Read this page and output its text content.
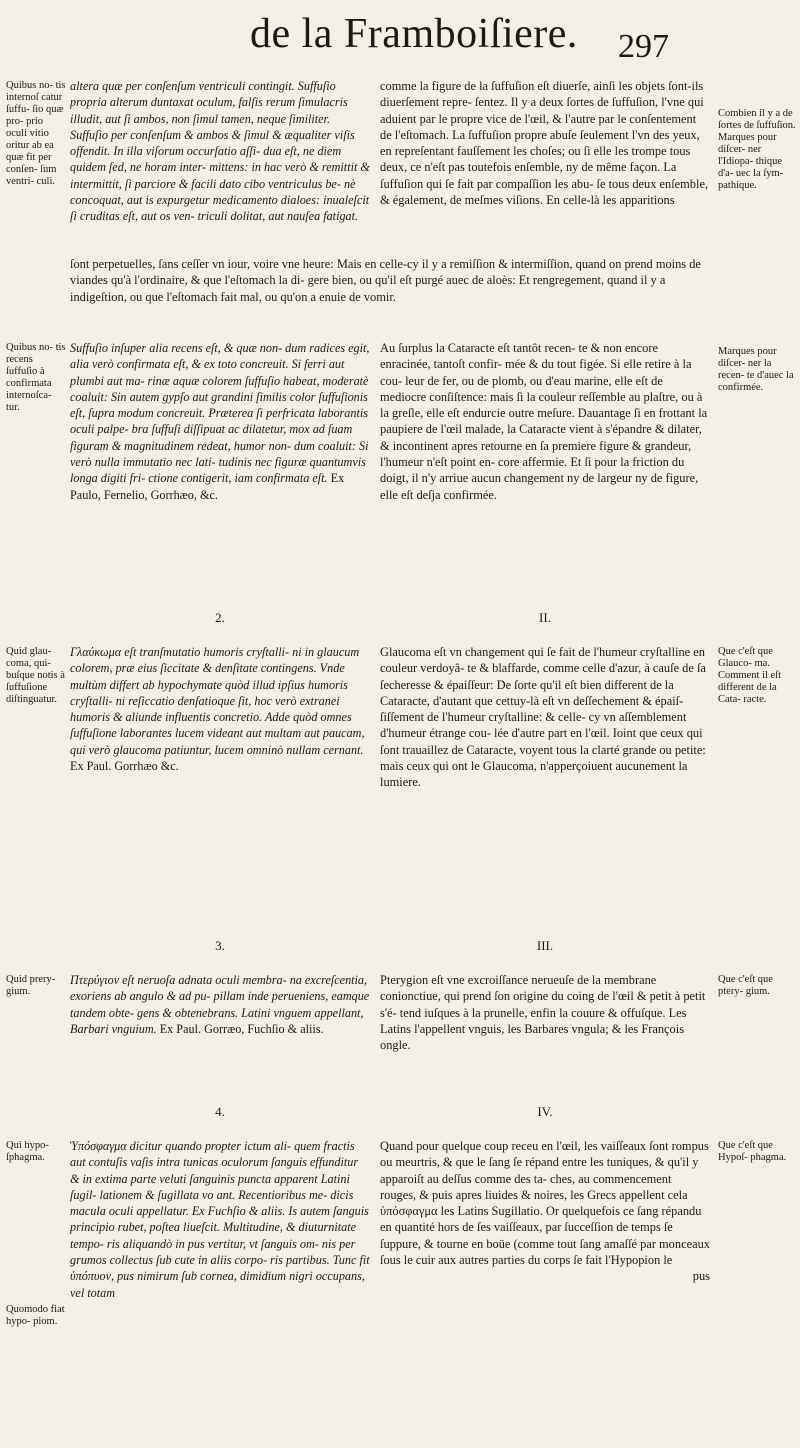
de la Framboiſiere. 297
Quibus no- tis internoſ catur ſuffu- ſio quæ pro- prio oculi vitio oritur ab ea quæ fit per conſen- ſum ventri- culi.
altera quæ per conſenſum ventriculi contingit. Suffuſio propria alterum duntaxat oculum, falſis rerum ſimulacris illudit, aut ſi ambos, non ſimul tamen, neque ſimiliter. Suffuſio per conſenſum & ambos & ſimul & æqualiter viſis offendit. In illa viſorum occurſatio aſſi- dua eſt, ne diem quidem ſed, ne horam inter- mittens: in hac verò & remittit & intermittit, ſi parciore & facili dato cibo ventriculus be- nè concoquat, aut is expurgetur medicamento dialoes: inualeſcit ſi cruditas eſt, aut os ven- triculi dolitat, aut nauſea fatigat.
comme la figure de la ſuffuſion eſt diuerſe, ainſi les objets ſont-ils diuerſement repre- ſentez. Il y a deux ſortes de ſuffuſion, l'vne qui aduient par le propre vice de l'œil, & l'autre par le conſentement de l'eſtomach. La ſuffuſion propre abuſe ſeulement l'vn des yeux, en repreſentant fauſſement les choſes; ou ſi elle les trompe tous deux, ce n'eſt pas toutefois enſemble, ny de même façon. La ſuffuſion qui ſe fait par compaſſion les abu- ſe tous deux enſemble, & également, de meſmes viſions. En celle-là les apparitions
Combien il y a de ſortes de ſuffuſion. Marques pour diſcer- ner l'Idiopa- thique d'a- uec la ſym- pathique.
ſont perpetuelles, ſans ceſſer vn iour, voire vne heure: Mais en celle-cy il y a remiſſion & intermiſſion, quand on prend moins de viandes qu'à l'ordinaire, & que l'eſtomach la di- gere bien, ou qu'il eſt purgé auec de aloès: Et rengregement, quand il y a indigeſtion, ou que l'eſtomach fait mal, ou qu'on a enuie de vomir.
Quibus no- tis recens ſuffuſio à confirmata internoſca- tur.
Suffuſio inſuper alia recens eſt, & quæ non- dum radices egit, alia verò confirmata eſt, & ex toto concreuit. Si ferri aut plumbi aut ma- rinæ aquæ colorem ſuffuſio habeat, moderatè coaluit: Sin autem gypſo aut grandini ſimilis color ſuffuſionis eſt, ſupra modum concreuit. Præterea ſi perfricata laborantis oculi palpe- bra ſuffuſi diſſipuat ac dilatetur, mox ad ſuam figuram & magnitudinem redeat, humor non- dum coaluit: Si verò nulla immutatio nec lati- tudinis nec figuræ quantumvis longa digiti fri- ctione contigerit, iam confirmata eſt. Ex Paulo, Fernelio, Gorrhæo, &c.
Au ſurplus la Cataracte eſt tantôt recen- te & non encore enracinée, tantoſt confir- mée & du tout figée. Si elle retire à la cou- leur de fer, ou de plomb, ou d'eau marine, elle eſt de mediocre conſiſtence: mais ſi la couleur reſſemble au plaſtre, ou à la greſle, elle eſt endurcie outre meſure. Dauantage ſi en frottant la paupiere de l'œil malade, la Cataracte vient à s'épandre & dilater, & incontinent apres retourne en ſa premiere figure & grandeur, l'humeur n'eſt point en- core affermie. Et ſi pour la friction du doigt, il n'y arriue aucun changement ny de largeur ny de figure, elle eſt deſja confirmée.
Marques pour diſcer- ner la recen- te d'auec la confirmée.
2.	II.
Quid glau- coma, qui- buſque notis à ſuffuſione diſtinguatur.
Γλαύκωμα eſt tranſmutatio humoris cryſtalli- ni in glaucum colorem, præ eius ſiccitate & denſitate contingens. Vnde multùm differt ab hypochymate quòd illud ipſius humoris cryſtalli- ni reſiccatio denſatioque ſit, hoc verò extranei humoris & aliunde influentis concretio. Adde quòd omnes ſuffuſione laborantes lucem videant aut multam aut paucam, qui verò glaucoma patiuntur, lucem omninò nullam cernant. Ex Paul. Gorrhæo &c.
Glaucoma eſt vn changement qui ſe fait de l'humeur cryſtalline en couleur verdoyâ- te & blaffarde, comme celle d'azur, à cauſe de ſa ſecheresse & épaiſſeur: De ſorte qu'il eſt bien different de la Cataracte, d'autant que cettuy-là eſt vn deſſechement & épaiſ- ſiſſement de l'humeur cryſtalline: & celle- cy vn aſſemblement d'humeur étrange cou- lée d'autre part en l'œil. Ioint que ceux qui ſont trauaillez de Cataracte, voyent tous la clarté grande ou petite: mais ceux qui ont le Glaucoma, n'apperçoiuent aucunement la lumiere.
Que c'eſt que Glauco- ma. Comment il eſt different de la Cata- racte.
3.	III.
Quid prery- gium.
Πτερύγιον eſt neruoſa adnata oculi membra- na excreſcentia, exoriens ab angulo & ad pu- pillam inde perueniens, eamque tandem obte- gens & obtenebrans. Latini vnguem appellant, Barbari vnguium. Ex Paul. Gorræo, Fuchſio & aliis.
Pterygion eſt vne excroiſſance nerueuſe de la membrane conionctiue, qui prend ſon origine du coing de l'œil & petit à petit s'é- tend iuſques à la prunelle, enfin la couure & offuſque. Les Latins l'appellent vnguis, les Barbares vngula; & les François ongle.
Que c'eſt que ptery- gium.
4.	IV.
Qui hypo- ſphagma.
Quomodo fiat hypo- piom.
Ὑπόσφαγμα dicitur quando propter ictum ali- quem fractis aut contuſis vaſis intra tunicas oculorum ſanguis effunditur & in extima parte veluti ſanguinis puncta apparent Latini ſugil- lationem & ſugillata vo ant. Recentioribus me- dicis macula oculi appellatur. Ex Fuchſio & aliis. Is autem ſanguis principio rubet, poſtea liueſcit. Multitudine, & diuturnitate tempo- ris aliquandò in pus vertitur, vt ſanguis om- nis per grumos collectus ſub cute in aliis corpo- ris partibus. Tunc fit ὑπόπυον, pus nimirum ſub cornea, dimidium nigri occupans, vel totam
Quand pour quelque coup receu en l'œil, les vaiſſeaux ſont rompus ou meurtris, & que le ſang ſe répand entre les tuniques, & qu'il y apparoiſt au deſſus comme des ta- ches, au commencement rouges, & puis apres liuides & noires, les Grecs appellent cela ὑπόσφαγμα les Latins Sugillatio. Or quelquefois ce ſang répandu en quantité hors de ſes vaiſſeaux, par ſucceſſion de temps ſe ſuppure, & tourne en boüe (comme tout ſang amaſſé par monceaux ſous le cuir aux autres parties du corps ſe fait l'Hypopion le
pus
Que c'eſt que Hypoſ- phagma.
